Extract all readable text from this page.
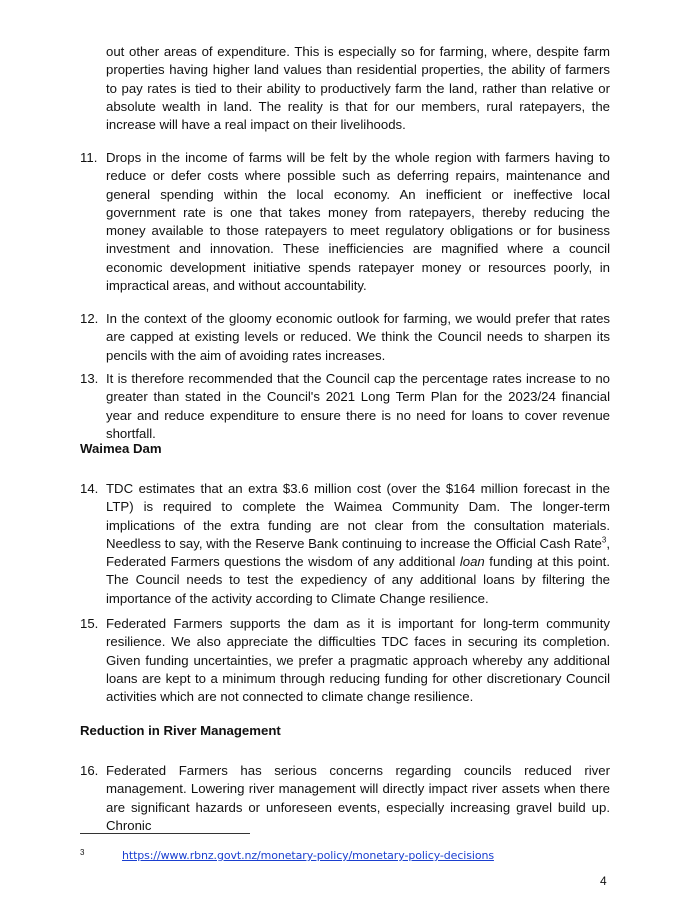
out other areas of expenditure. This is especially so for farming, where, despite farm properties having higher land values than residential properties, the ability of farmers to pay rates is tied to their ability to productively farm the land, rather than relative or absolute wealth in land. The reality is that for our members, rural ratepayers, the increase will have a real impact on their livelihoods.

11. Drops in the income of farms will be felt by the whole region with farmers having to reduce or defer costs where possible such as deferring repairs, maintenance and general spending within the local economy. An inefficient or ineffective local government rate is one that takes money from ratepayers, thereby reducing the money available to those ratepayers to meet regulatory obligations or for business investment and innovation. These inefficiencies are magnified where a council economic development initiative spends ratepayer money or resources poorly, in impractical areas, and without accountability.

12. In the context of the gloomy economic outlook for farming, we would prefer that rates are capped at existing levels or reduced. We think the Council needs to sharpen its pencils with the aim of avoiding rates increases.

13. It is therefore recommended that the Council cap the percentage rates increase to no greater than stated in the Council's 2021 Long Term Plan for the 2023/24 financial year and reduce expenditure to ensure there is no need for loans to cover revenue shortfall.

Waimea Dam

14. TDC estimates that an extra $3.6 million cost (over the $164 million forecast in the LTP) is required to complete the Waimea Community Dam. The longer-term implications of the extra funding are not clear from the consultation materials. Needless to say, with the Reserve Bank continuing to increase the Official Cash Rate$^3$, Federated Farmers questions the wisdom of any additional loan funding at this point. The Council needs to test the expediency of any additional loans by filtering the importance of the activity according to Climate Change resilience.

15. Federated Farmers supports the dam as it is important for long-term community resilience. We also appreciate the difficulties TDC faces in securing its completion. Given funding uncertainties, we prefer a pragmatic approach whereby any additional loans are kept to a minimum through reducing funding for other discretionary Council activities which are not connected to climate change resilience.

Reduction in River Management

16. Federated Farmers has serious concerns regarding councils reduced river management. Lowering river management will directly impact river assets when there are significant hazards or unforeseen events, especially increasing gravel build up. Chronic

3	https://www.rbnz.govt.nz/monetary-policy/monetary-policy-decisions
4
